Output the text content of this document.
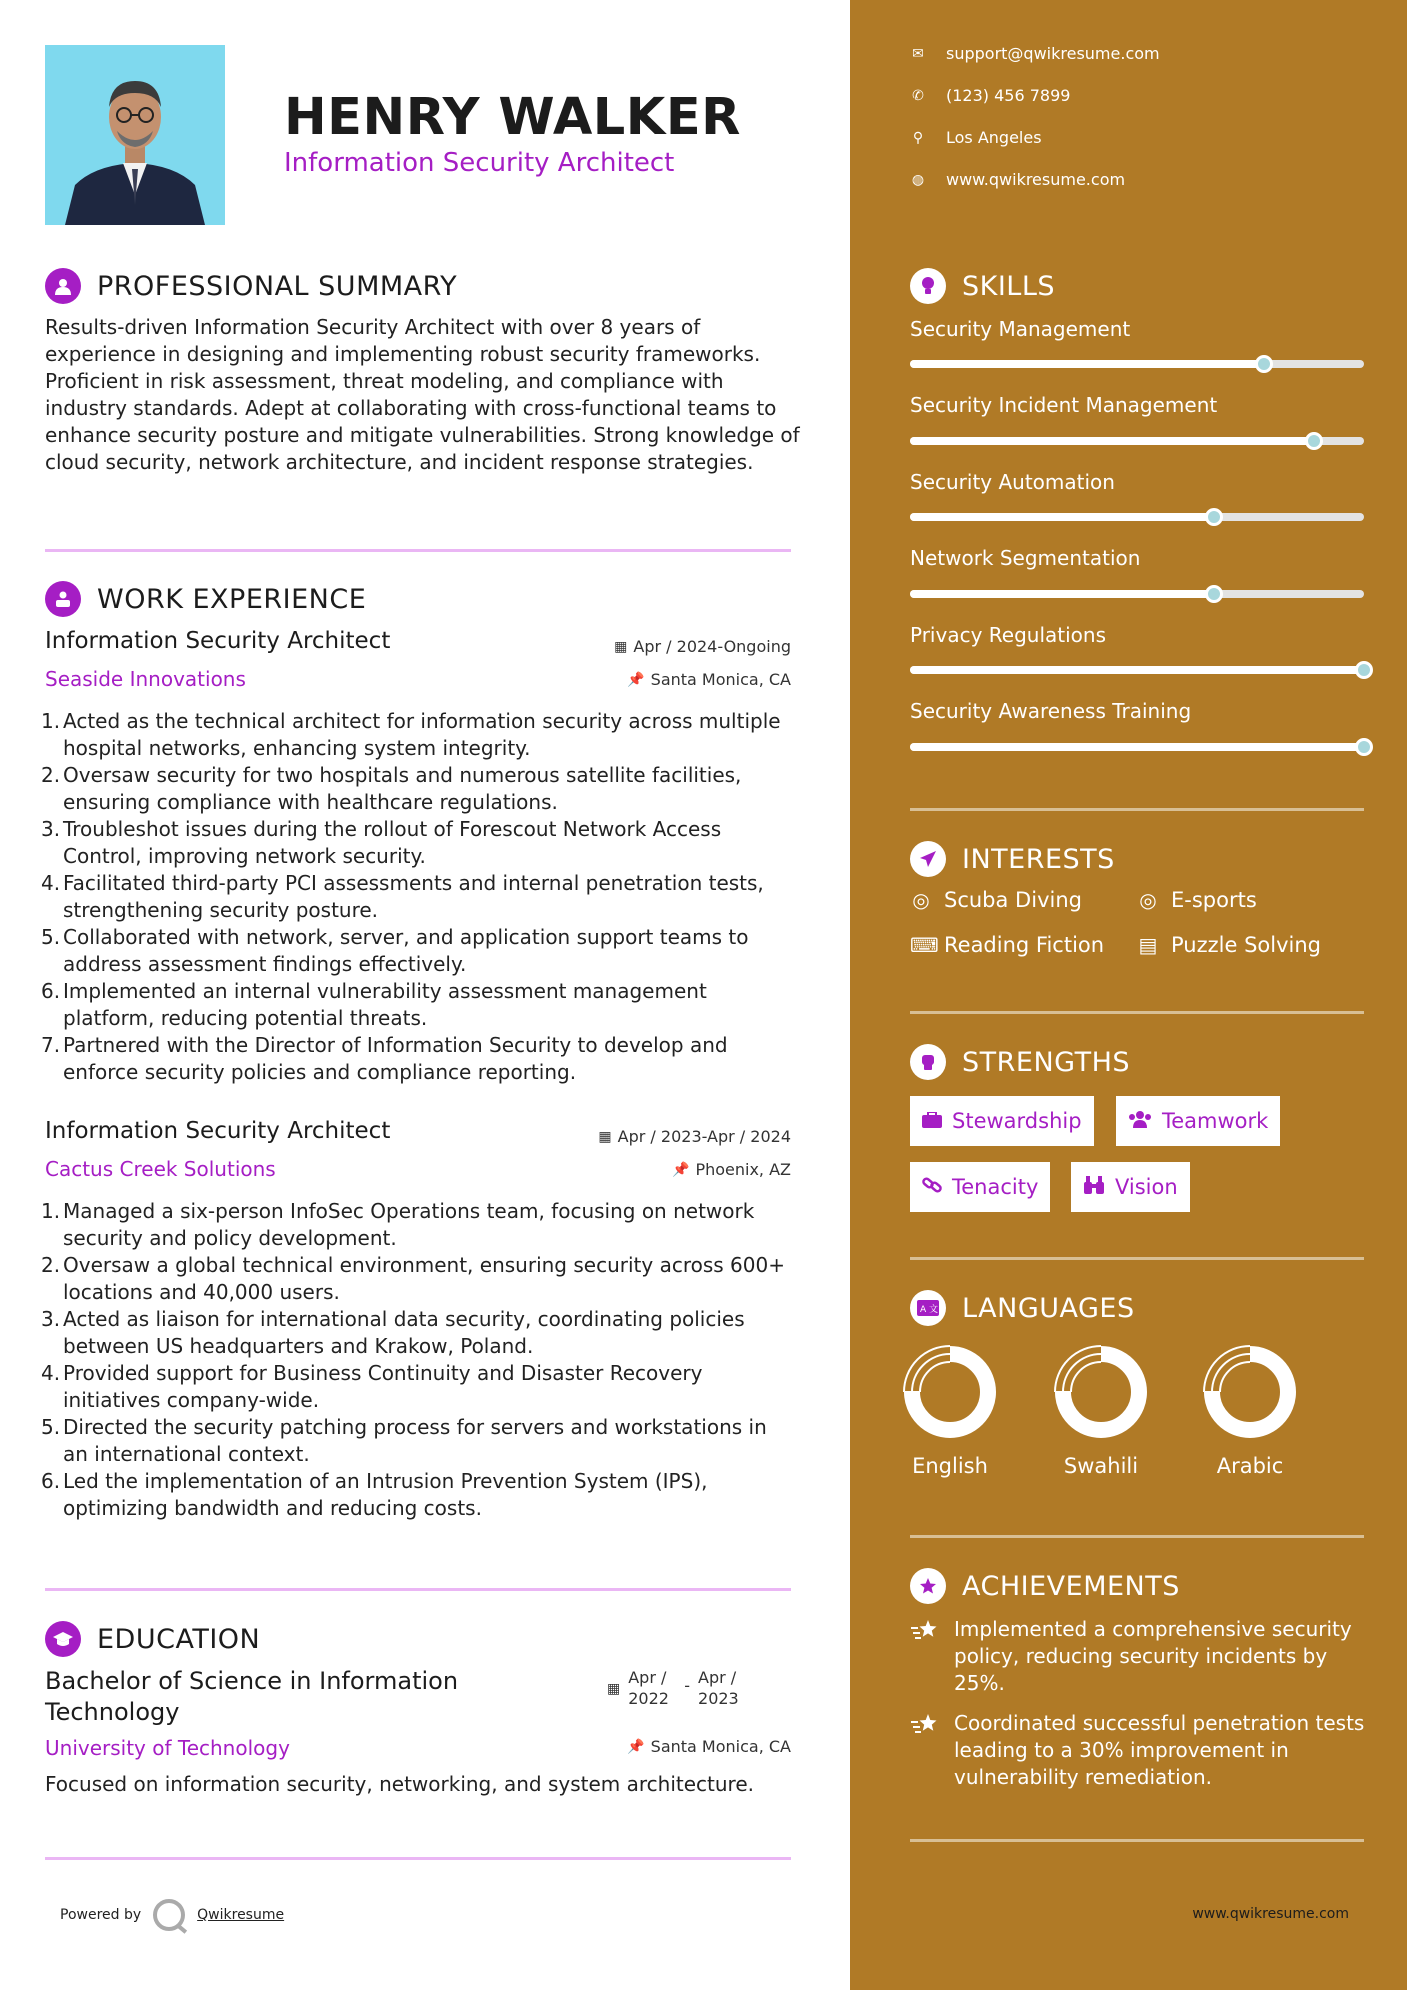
HENRY WALKER
Information Security Architect
PROFESSIONAL SUMMARY
Results-driven Information Security Architect with over 8 years of experience in designing and implementing robust security frameworks. Proficient in risk assessment, threat modeling, and compliance with industry standards. Adept at collaborating with cross-functional teams to enhance security posture and mitigate vulnerabilities. Strong knowledge of cloud security, network architecture, and incident response strategies.
WORK EXPERIENCE
Information Security Architect	▦ Apr / 2024-Ongoing
Seaside Innovations	📌 Santa Monica, CA
Acted as the technical architect for information security across multiple hospital networks, enhancing system integrity.
Oversaw security for two hospitals and numerous satellite facilities, ensuring compliance with healthcare regulations.
Troubleshot issues during the rollout of Forescout Network Access Control, improving network security.
Facilitated third-party PCI assessments and internal penetration tests, strengthening security posture.
Collaborated with network, server, and application support teams to address assessment findings effectively.
Implemented an internal vulnerability assessment management platform, reducing potential threats.
Partnered with the Director of Information Security to develop and enforce security policies and compliance reporting.
Information Security Architect	▦ Apr / 2023-Apr / 2024
Cactus Creek Solutions	📌 Phoenix, AZ
Managed a six-person InfoSec Operations team, focusing on network security and policy development.
Oversaw a global technical environment, ensuring security across 600+ locations and 40,000 users.
Acted as liaison for international data security, coordinating policies between US headquarters and Krakow, Poland.
Provided support for Business Continuity and Disaster Recovery initiatives company-wide.
Directed the security patching process for servers and workstations in an international context.
Led the implementation of an Intrusion Prevention System (IPS), optimizing bandwidth and reducing costs.
EDUCATION
Bachelor of Science in Information Technology
▦
Apr / 2022
- Apr / 2023
University of Technology	📌 Santa Monica, CA
Focused on information security, networking, and system architecture.
Powered by	Qwikresume
✉ support@qwikresume.com
✆ (123) 456 7899
⚲ Los Angeles
◍ www.qwikresume.com
SKILLS
Security Management
Security Incident Management
Security Automation
Network Segmentation
Privacy Regulations
Security Awareness Training
INTERESTS
◎ Scuba Diving	◎ E-sports
⌨ Reading Fiction ▤ Puzzle Solving
STRENGTHS
Stewardship	Teamwork
Tenacity	Vision
A 文 LANGUAGES
English	Swahili	Arabic
ACHIEVEMENTS
Implemented a comprehensive security policy, reducing security incidents by 25%.
Coordinated successful penetration tests leading to a 30% improvement in vulnerability remediation.
www.qwikresume.com
